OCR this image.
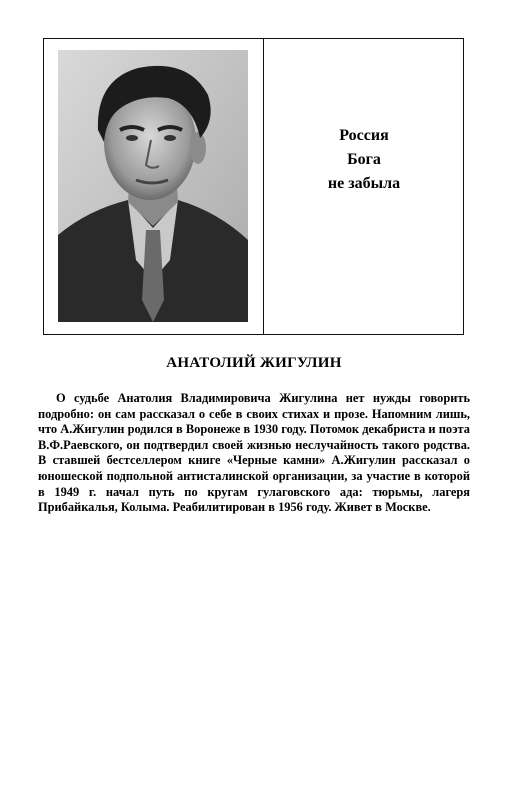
Россия
Бога
не забыла
АНАТОЛИЙ ЖИГУЛИН

О судьбе Анатолия Владимировича Жигулина нет нужды говорить подробно: он сам рассказал о себе в своих стихах и прозе. Напомним лишь, что А.Жигулин родился в Воронеже в 1930 году. Потомок декабриста и поэта В.Ф.Раевского, он подтвердил своей жизнью неслучайность такого родства. В ставшей бестселлером книге «Черные камни» А.Жигулин рассказал о юношеской подпольной антисталинской организации, за участие в которой в 1949 г. начал путь по кругам гулаговского ада: тюрьмы, лагеря Прибайкалья, Колыма. Реабилитирован в 1956 году. Живет в Москве.
